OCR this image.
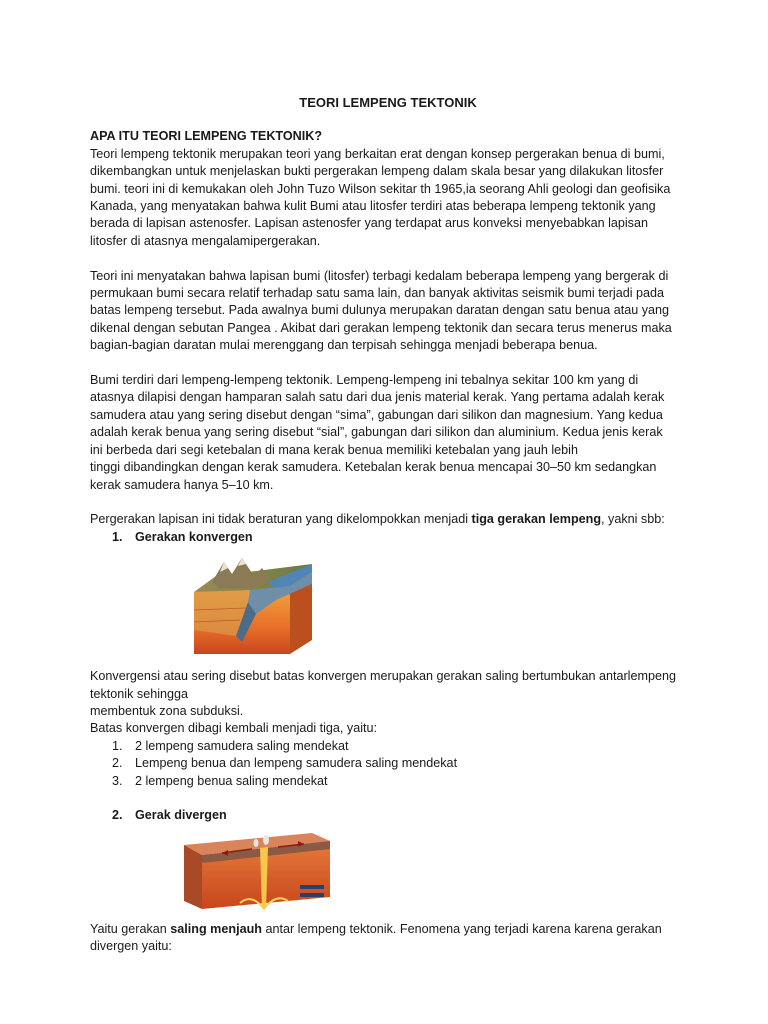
TEORI LEMPENG TEKTONIK

APA ITU TEORI LEMPENG TEKTONIK?

Teori lempeng tektonik merupakan teori yang berkaitan erat dengan konsep pergerakan benua di bumi,

dikembangkan untuk menjelaskan bukti pergerakan lempeng dalam skala besar yang dilakukan litosfer

bumi. teori ini di kemukakan oleh John Tuzo Wilson sekitar th 1965,ia seorang Ahli geologi dan geofisika

Kanada, yang menyatakan bahwa kulit Bumi atau litosfer terdiri atas beberapa lempeng tektonik yang

berada di lapisan astenosfer. Lapisan astenosfer yang terdapat arus konveksi menyebabkan lapisan

litosfer di atasnya mengalamipergerakan.

Teori ini menyatakan bahwa lapisan bumi (litosfer) terbagi kedalam beberapa lempeng yang bergerak di

permukaan bumi secara relatif terhadap satu sama lain, dan banyak aktivitas seismik bumi terjadi pada

batas lempeng tersebut. Pada awalnya bumi dulunya merupakan daratan dengan satu benua atau yang

dikenal dengan sebutan Pangea . Akibat dari gerakan lempeng tektonik dan secara terus menerus maka

bagian-bagian daratan mulai merenggang dan terpisah sehingga menjadi beberapa benua.

Bumi terdiri dari lempeng-lempeng tektonik. Lempeng-lempeng ini tebalnya sekitar 100 km yang di

atasnya dilapisi dengan hamparan salah satu dari dua jenis material kerak. Yang pertama adalah kerak

samudera atau yang sering disebut dengan “sima”, gabungan dari silikon dan magnesium. Yang kedua

adalah kerak benua yang sering disebut “sial”, gabungan dari silikon dan aluminium. Kedua jenis kerak

ini berbeda dari segi ketebalan di mana kerak benua memiliki ketebalan yang jauh lebih

tinggi dibandingkan dengan kerak samudera. Ketebalan kerak benua mencapai 30–50 km sedangkan

kerak samudera hanya 5–10 km.

Pergerakan lapisan ini tidak beraturan yang dikelompokkan menjadi tiga gerakan lempeng, yakni sbb:

1. Gerakan konvergen

Konvergensi atau sering disebut batas konvergen merupakan gerakan saling bertumbukan antarlempeng

tektonik sehingga

membentuk zona subduksi.

Batas konvergen dibagi kembali menjadi tiga, yaitu:

1. 2 lempeng samudera saling mendekat
2. Lempeng benua dan lempeng samudera saling mendekat
3. 2 lempeng benua saling mendekat
2. Gerak divergen

Yaitu gerakan saling menjauh antar lempeng tektonik. Fenomena yang terjadi karena karena gerakan

divergen yaitu:
